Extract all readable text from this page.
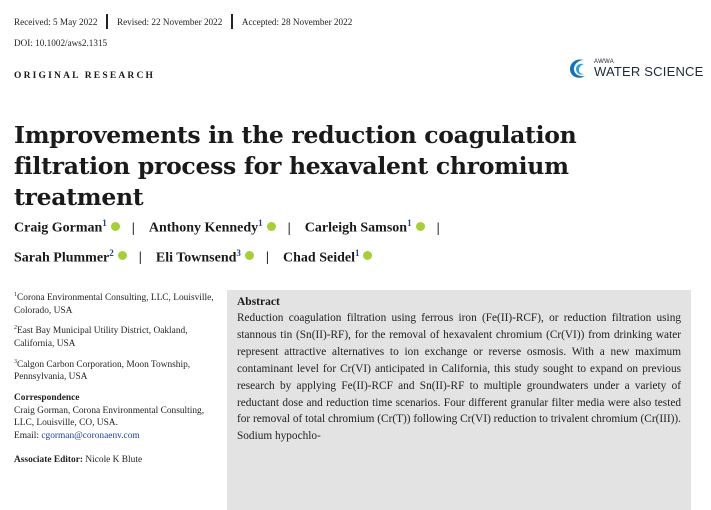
Received: 5 May 2022 Revised: 22 November 2022 Accepted: 28 November 2022
DOI: 10.1002/aws2.1315
ORIGINAL RESEARCH
AWWA
WATER SCIENCE
Improvements in the reduction coagulation filtration process for hexavalent chromium treatment
Craig Gorman$^1$ iD | Anthony Kennedy$^1$ iD | Carleigh Samson$^1$ iD |
Sarah Plummer$^2$ iD | Eli Townsend$^3$ iD | Chad Seidel$^1$iD

$^1$Corona Environmental Consulting, LLC, Louisville, Colorado, USA

$^2$East Bay Municipal Utility District, Oakland, California, USA

$^3$Calgon Carbon Corporation, Moon Township, Pennsylvania, USA

Correspondence
Craig Gorman, Corona Environmental Consulting, LLC, Louisville, CO, USA.
Email: cgorman@coronaenv.com
Associate Editor: Nicole K Blute
Abstract
Reduction coagulation filtration using ferrous iron (Fe(II)-RCF), or reduction filtration using stannous tin (Sn(II)-RF), for the removal of hexavalent chromium (Cr(VI)) from drinking water represent attractive alternatives to ion exchange or reverse osmosis. With a new maximum contaminant level for Cr(VI) anticipated in California, this study sought to expand on previous research by applying Fe(II)-RCF and Sn(II)-RF to multiple groundwaters under a variety of reductant dose and reduction time scenarios. Four different granular filter media were also tested for removal of total chromium (Cr(T)) following Cr(VI) reduction to trivalent chromium (Cr(III)). Sodium hypochlo-
